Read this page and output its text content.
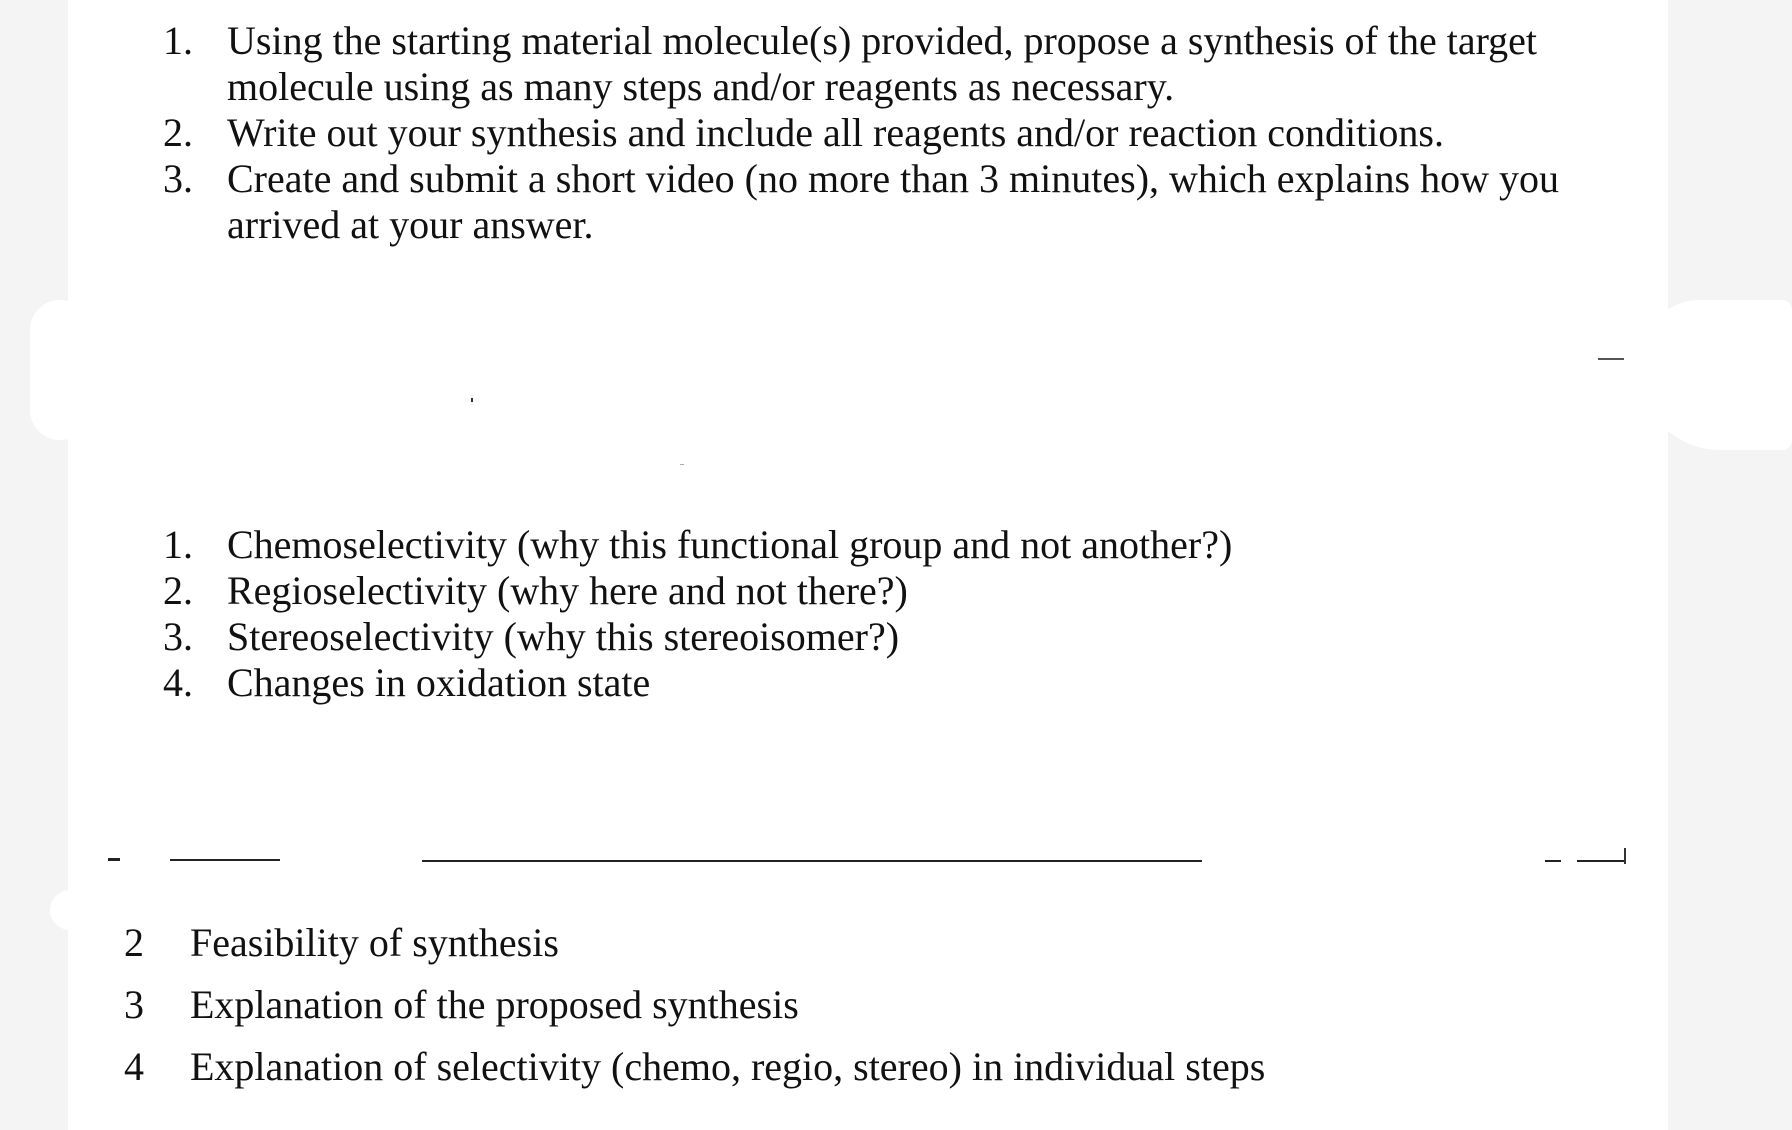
1. Using the starting material molecule(s) provided, propose a synthesis of the target molecule using as many steps and/or reagents as necessary.
2. Write out your synthesis and include all reagents and/or reaction conditions.
3. Create and submit a short video (no more than 3 minutes), which explains how you arrived at your answer.
1. Chemoselectivity (why this functional group and not another?)
2. Regioselectivity (why here and not there?)
3. Stereoselectivity (why this stereoisomer?)
4. Changes in oxidation state
2 Feasibility of synthesis
3 Explanation of the proposed synthesis
4 Explanation of selectivity (chemo, regio, stereo) in individual steps
